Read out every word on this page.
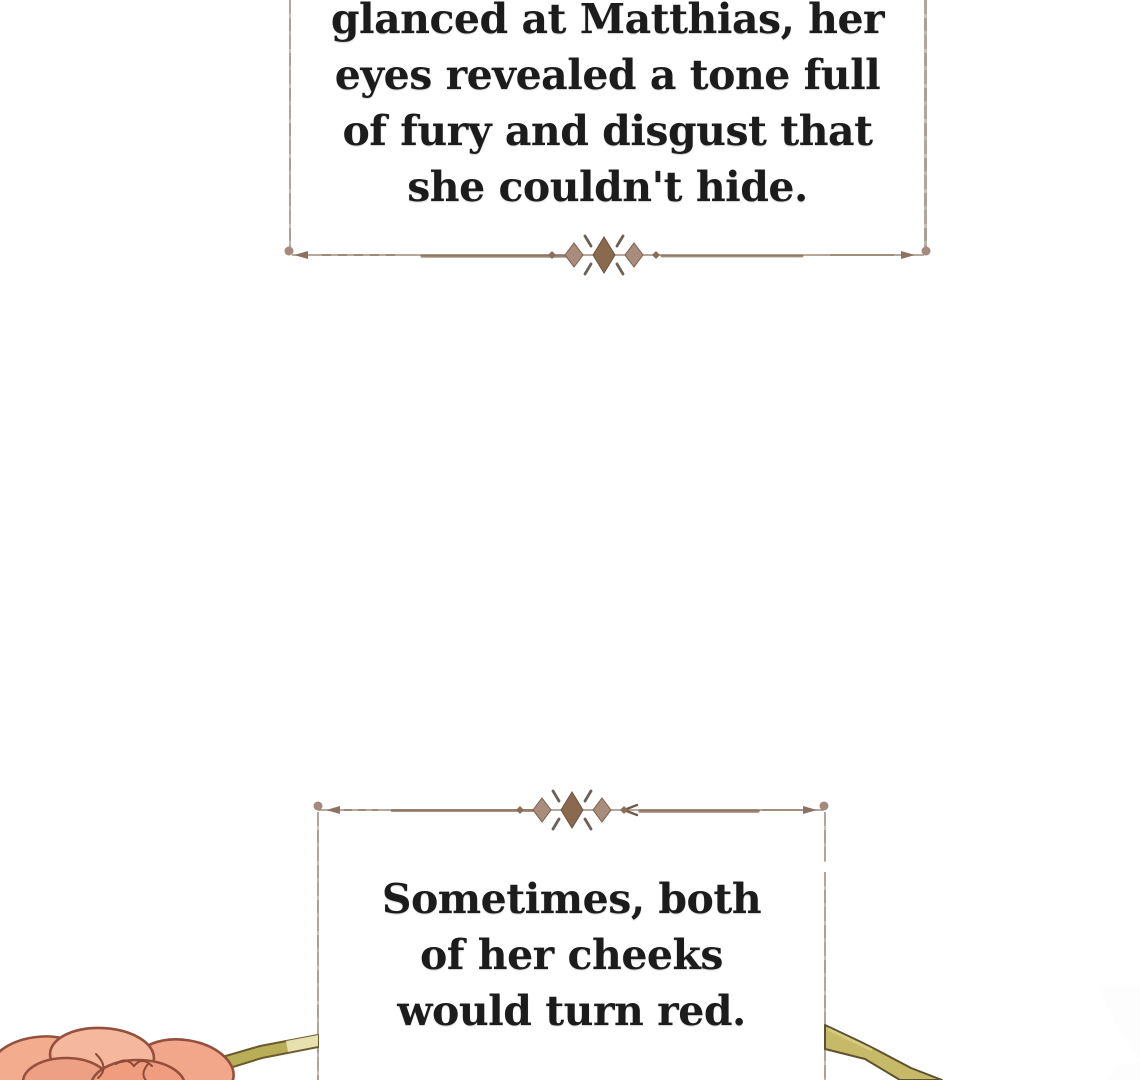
glanced at Matthias, her

eyes revealed a tone full

of fury and disgust that

she couldn't hide.

Sometimes, both

of her cheeks

would turn red.
